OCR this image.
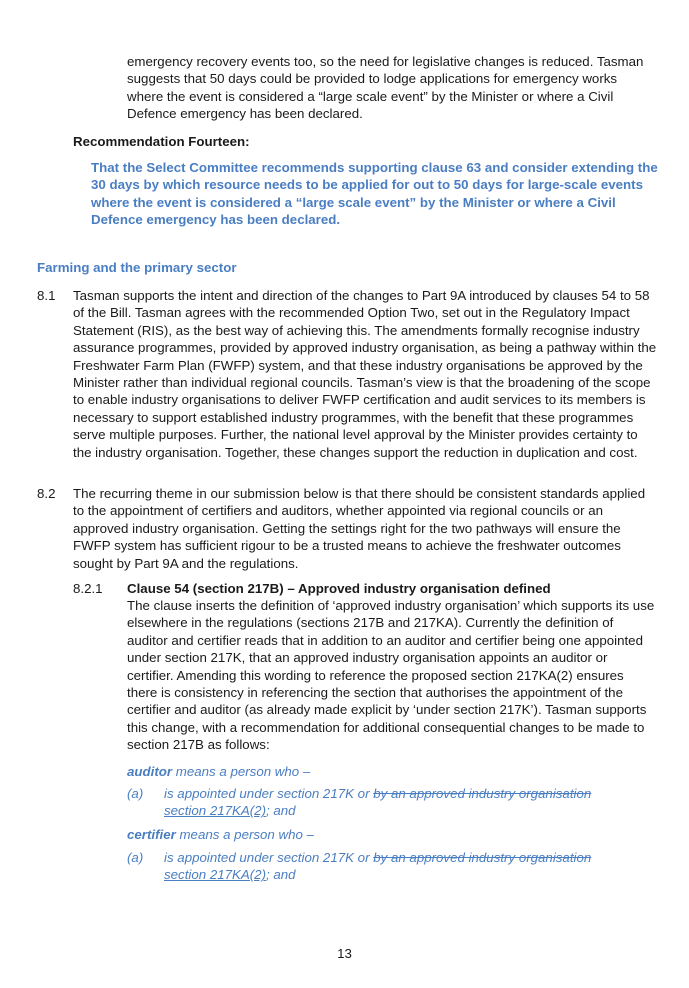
emergency recovery events too, so the need for legislative changes is reduced. Tasman suggests that 50 days could be provided to lodge applications for emergency works where the event is considered a “large scale event” by the Minister or where a Civil Defence emergency has been declared.
Recommendation Fourteen:
That the Select Committee recommends supporting clause 63 and consider extending the 30 days by which resource needs to be applied for out to 50 days for large-scale events where the event is considered a “large scale event” by the Minister or where a Civil Defence emergency has been declared.
Farming and the primary sector
8.1 Tasman supports the intent and direction of the changes to Part 9A introduced by clauses 54 to 58 of the Bill. Tasman agrees with the recommended Option Two, set out in the Regulatory Impact Statement (RIS), as the best way of achieving this. The amendments formally recognise industry assurance programmes, provided by approved industry organisation, as being a pathway within the Freshwater Farm Plan (FWFP) system, and that these industry organisations be approved by the Minister rather than individual regional councils. Tasman’s view is that the broadening of the scope to enable industry organisations to deliver FWFP certification and audit services to its members is necessary to support established industry programmes, with the benefit that these programmes serve multiple purposes. Further, the national level approval by the Minister provides certainty to the industry organisation. Together, these changes support the reduction in duplication and cost.
8.2 The recurring theme in our submission below is that there should be consistent standards applied to the appointment of certifiers and auditors, whether appointed via regional councils or an approved industry organisation. Getting the settings right for the two pathways will ensure the FWFP system has sufficient rigour to be a trusted means to achieve the freshwater outcomes sought by Part 9A and the regulations.
8.2.1 Clause 54 (section 217B) – Approved industry organisation defined
The clause inserts the definition of ‘approved industry organisation’ which supports its use elsewhere in the regulations (sections 217B and 217KA). Currently the definition of auditor and certifier reads that in addition to an auditor and certifier being one appointed under section 217K, that an approved industry organisation appoints an auditor or certifier. Amending this wording to reference the proposed section 217KA(2) ensures there is consistency in referencing the section that authorises the appointment of the certifier and auditor (as already made explicit by ‘under section 217K’). Tasman supports this change, with a recommendation for additional consequential changes to be made to section 217B as follows:
auditor means a person who –
(a) is appointed under section 217K or by an approved industry organisation
section 217KA(2); and
certifier means a person who –
(a) is appointed under section 217K or by an approved industry organisation
section 217KA(2); and
13
